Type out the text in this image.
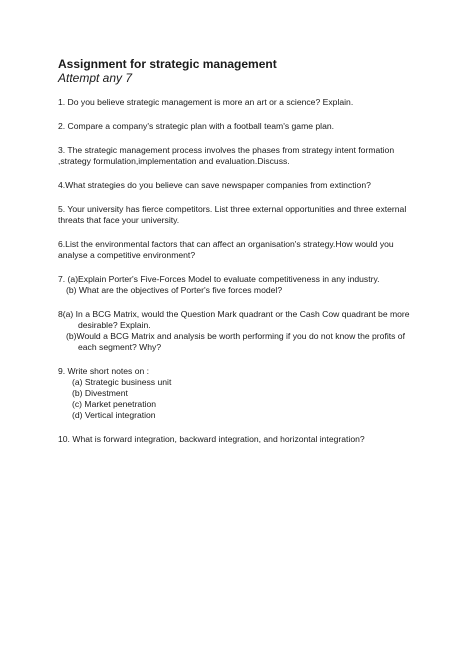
Assignment for strategic management

Attempt any 7

1. Do you believe strategic management is more an art or a science? Explain.
2. Compare a company's strategic plan with a football team's game plan.
3. The strategic management process involves the phases from strategy intent formation
,strategy formulation,implementation and evaluation.Discuss.
4.What strategies do you believe can save newspaper companies from extinction?
5. Your university has fierce competitors. List three external opportunities and three external
threats that face your university.
6.List the environmental factors that can affect an organisation's strategy.How would you
analyse a competitive environment?
7. (a)Explain Porter's Five-Forces Model to evaluate competitiveness in any industry.
(b) What are the objectives of Porter's five forces model?
8(a) In a BCG Matrix, would the Question Mark quadrant or the Cash Cow quadrant be more
desirable? Explain.
(b)Would a BCG Matrix and analysis be worth performing if you do not know the profits of
each segment? Why?
9. Write short notes on :
(a) Strategic business unit
(b) Divestment
(c) Market penetration
(d) Vertical integration
10. What is forward integration, backward integration, and horizontal integration?
